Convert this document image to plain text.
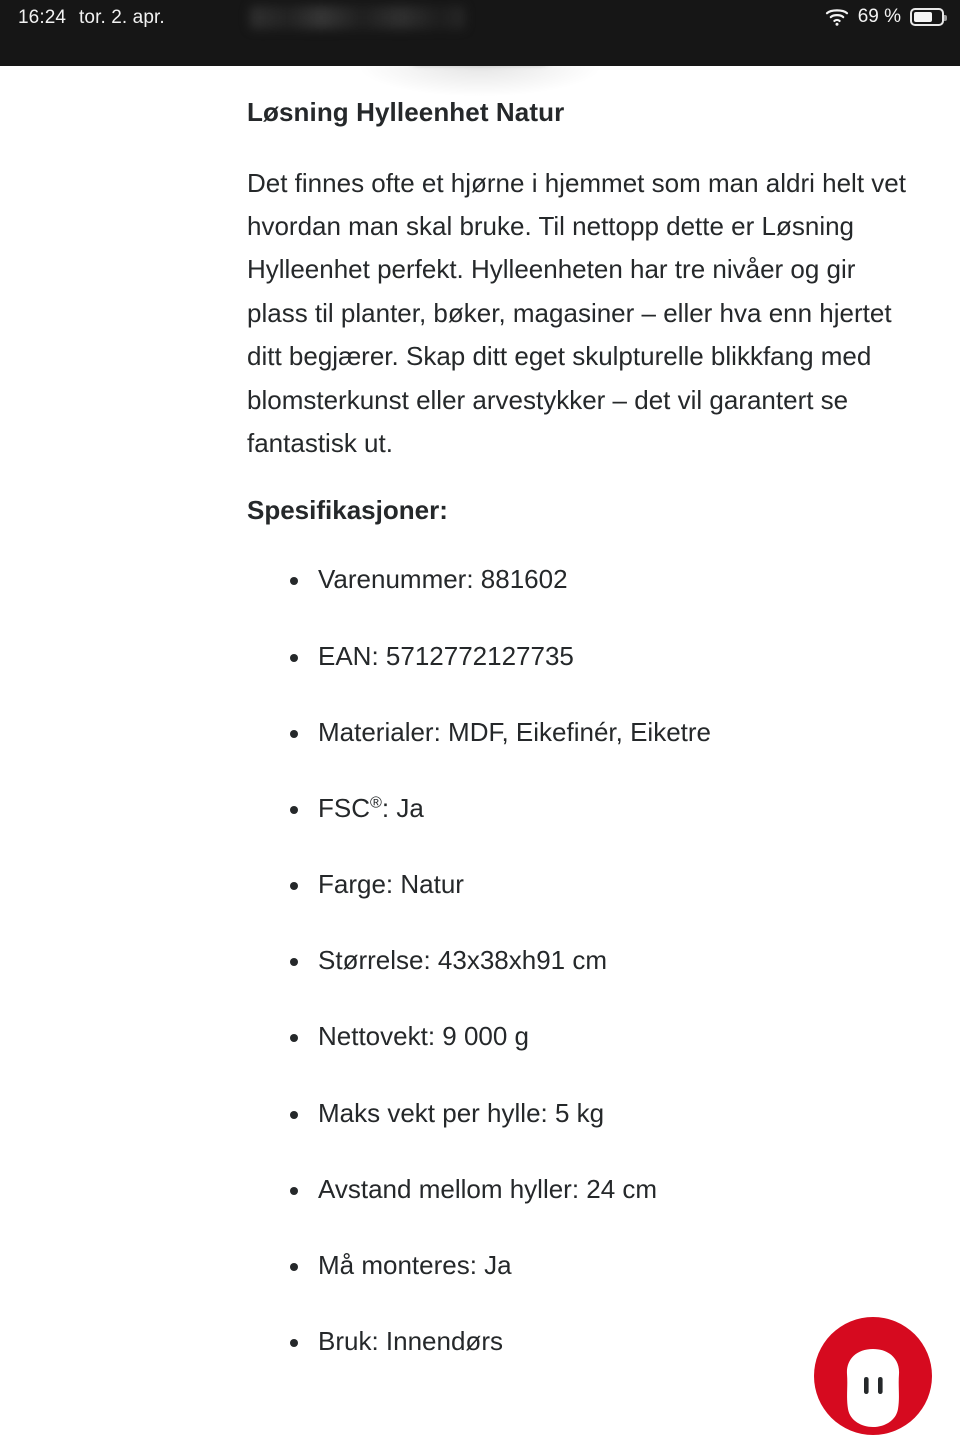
16:24 tor. 2. apr.	69 %
Løsning Hylleenhet Natur

Det finnes ofte et hjørne i hjemmet som man aldri helt vet hvordan man skal bruke. Til nettopp dette er Løsning Hylleenhet perfekt. Hylleenheten har tre nivåer og gir plass til planter, bøker, magasiner – eller hva enn hjertet ditt begjærer. Skap ditt eget skulpturelle blikkfang med blomsterkunst eller arvestykker – det vil garantert se fantastisk ut.

Spesifikasjoner:
Varenummer: 881602
EAN: 5712772127735
Materialer: MDF, Eikefinér, Eiketre
FSC®: Ja
Farge: Natur
Størrelse: 43x38xh91 cm
Nettovekt: 9 000 g
Maks vekt per hylle: 5 kg
Avstand mellom hyller: 24 cm
Må monteres: Ja
Bruk: Innendørs
